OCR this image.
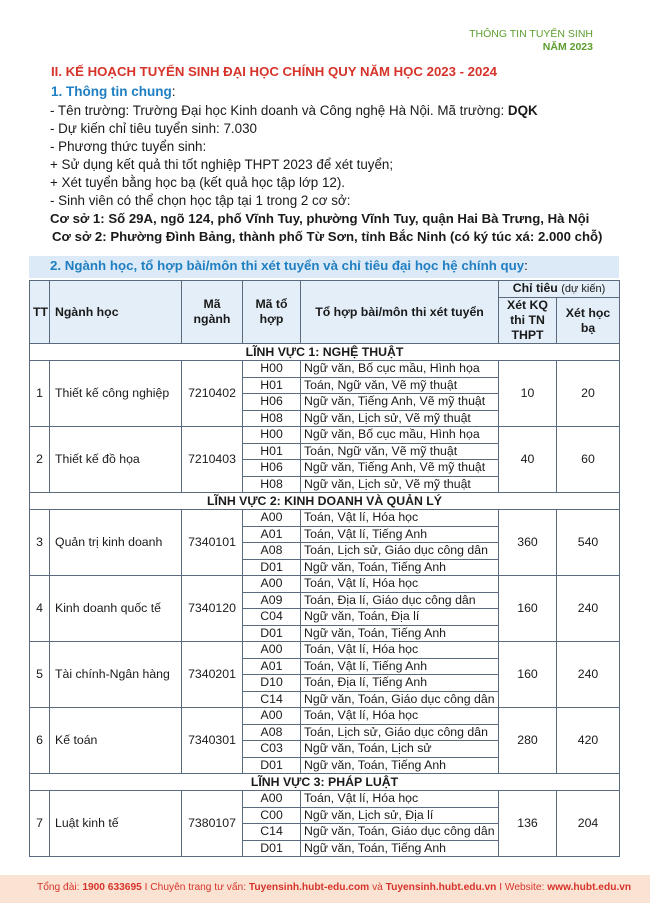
THÔNG TIN TUYỂN SINH
NĂM 2023
II. KẾ HOẠCH TUYỂN SINH ĐẠI HỌC CHÍNH QUY NĂM HỌC 2023 - 2024
1. Thông tin chung:
- Tên trường: Trường Đại học Kinh doanh và Công nghệ Hà Nội. Mã trường: DQK
- Dự kiến chỉ tiêu tuyển sinh: 7.030
- Phương thức tuyển sinh:
+ Sử dụng kết quả thi tốt nghiệp THPT 2023 để xét tuyển;
+ Xét tuyển bằng học bạ (kết quả học tập lớp 12).
- Sinh viên có thể chọn học tập tại 1 trong 2 cơ sở:
Cơ sở 1: Số 29A, ngõ 124, phố Vĩnh Tuy, phường Vĩnh Tuy, quận Hai Bà Trưng, Hà Nội
Cơ sở 2: Phường Đình Bảng, thành phố Từ Sơn, tỉnh Bắc Ninh (có ký túc xá: 2.000 chỗ)
2. Ngành học, tổ hợp bài/môn thi xét tuyển và chỉ tiêu đại học hệ chính quy:
TT	Ngành học	Mã ngành	Mã tổ hợp	Tổ hợp bài/môn thi xét tuyển	Chỉ tiêu (dự kiến)	
					Xét KQ thi TN THPT	Xét học bạ
LĨNH VỰC 1: NGHỆ THUẬT						
1	Thiết kế công nghiệp	7210402	H00	Ngữ văn, Bố cục mầu, Hình họa	10	20
			H01	Toán, Ngữ văn, Vẽ mỹ thuật		
			H06	Ngữ văn, Tiếng Anh, Vẽ mỹ thuật		
			H08	Ngữ văn, Lịch sử, Vẽ mỹ thuật		
2	Thiết kế đồ họa	7210403	H00	Ngữ văn, Bố cục mầu, Hình họa	40	60
			H01	Toán, Ngữ văn, Vẽ mỹ thuật		
			H06	Ngữ văn, Tiếng Anh, Vẽ mỹ thuật		
			H08	Ngữ văn, Lịch sử, Vẽ mỹ thuật		
LĨNH VỰC 2: KINH DOANH VÀ QUẢN LÝ						
3	Quản trị kinh doanh	7340101	A00	Toán, Vật lí, Hóa học	360	540
			A01	Toán, Vật lí, Tiếng Anh		
			A08	Toán, Lịch sử, Giáo dục công dân		
			D01	Ngữ văn, Toán, Tiếng Anh		
4	Kinh doanh quốc tế	7340120	A00	Toán, Vật lí, Hóa học	160	240
			A09	Toán, Địa lí, Giáo dục công dân		
			C04	Ngữ văn, Toán, Địa lí		
			D01	Ngữ văn, Toán, Tiếng Anh		
5	Tài chính-Ngân hàng	7340201	A00	Toán, Vật lí, Hóa học	160	240
			A01	Toán, Vật lí, Tiếng Anh		
			D10	Toán, Địa lí, Tiếng Anh		
			C14	Ngữ văn, Toán, Giáo dục công dân		
6	Kế toán	7340301	A00	Toán, Vật lí, Hóa học	280	420
			A08	Toán, Lịch sử, Giáo dục công dân		
			C03	Ngữ văn, Toán, Lịch sử		
			D01	Ngữ văn, Toán, Tiếng Anh		
LĨNH VỰC 3: PHÁP LUẬT						
7	Luật kinh tế	7380107	A00	Toán, Vật lí, Hóa học	136	204
			C00	Ngữ văn, Lịch sử, Địa lí		
			C14	Ngữ văn, Toán, Giáo dục công dân		
			D01	Ngữ văn, Toán, Tiếng Anh		
Tổng đài: 1900 633695 I Chuyên trang tư vấn: Tuyensinh.hubt-edu.com và Tuyensinh.hubt.edu.vn I Website: www.hubt.edu.vn
